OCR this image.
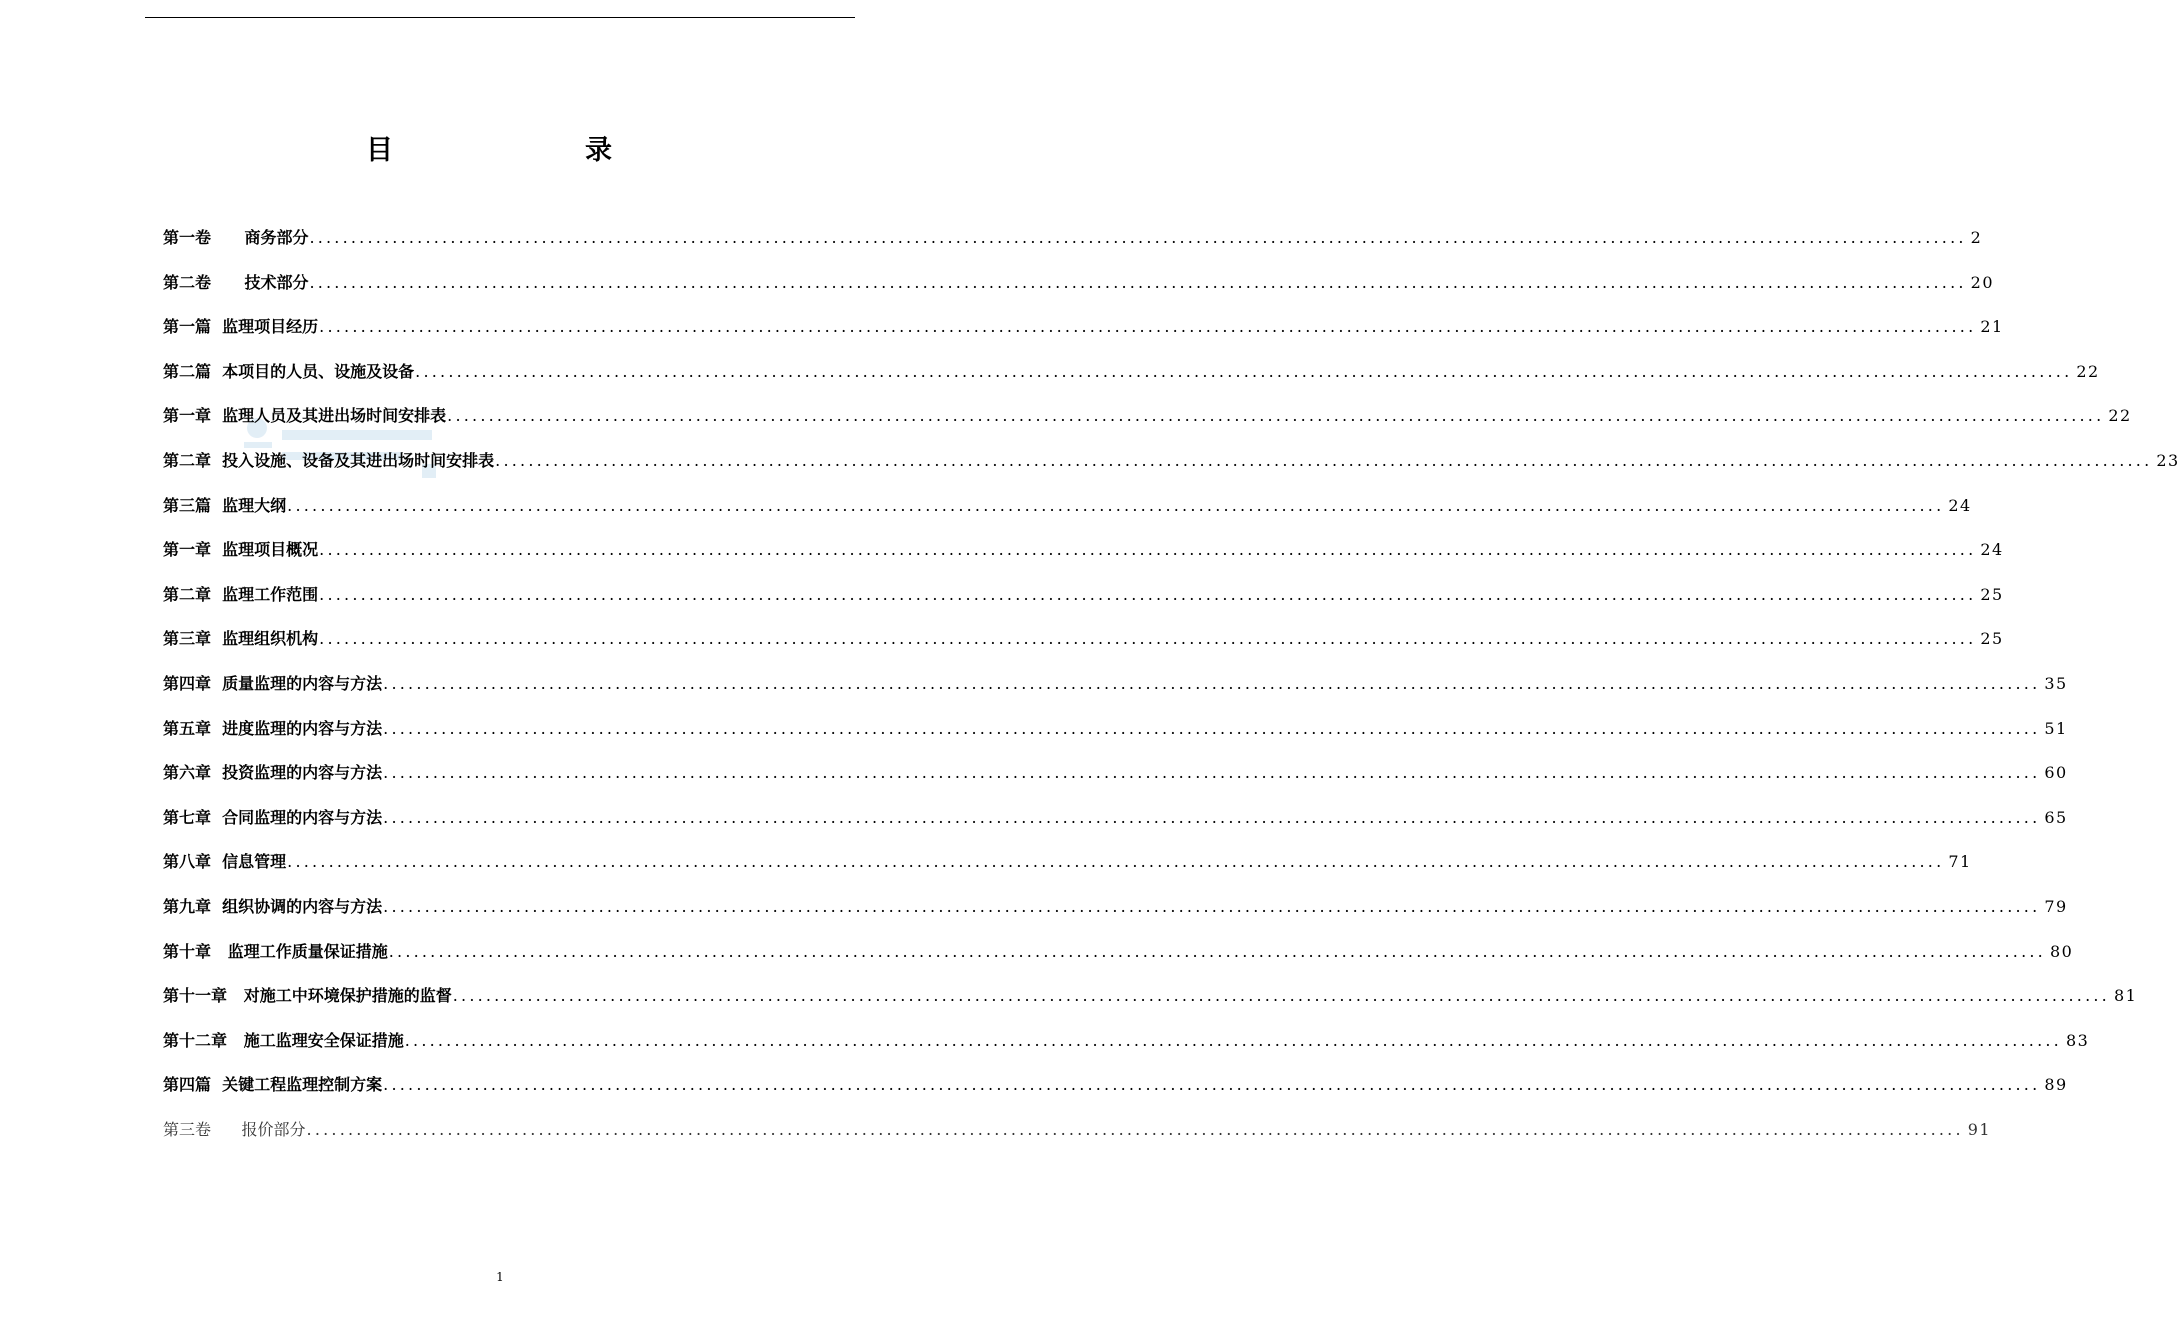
目　　录
第一卷
商务部分 ........................................................................................................................................................................................................ 2
第二卷
技术部分 ........................................................................................................................................................................................................ 20
第一篇
监理项目经历 ........................................................................................................................................................................................................ 21
第二篇
本项目的人员、设施及设备 ........................................................................................................................................................................................................ 22
第一章
监理人员及其进出场时间安排表 ........................................................................................................................................................................................................ 22
第二章
投入设施、设备及其进出场时间安排表 ........................................................................................................................................................................................................ 23
第三篇
监理大纲 ........................................................................................................................................................................................................ 24
第一章
监理项目概况 ........................................................................................................................................................................................................ 24
第二章
监理工作范围 ........................................................................................................................................................................................................ 25
第三章
监理组织机构 ........................................................................................................................................................................................................ 25
第四章
质量监理的内容与方法 ........................................................................................................................................................................................................ 35
第五章
进度监理的内容与方法 ........................................................................................................................................................................................................ 51
第六章
投资监理的内容与方法 ........................................................................................................................................................................................................ 60
第七章
合同监理的内容与方法 ........................................................................................................................................................................................................ 65
第八章
信息管理 ........................................................................................................................................................................................................ 71
第九章
组织协调的内容与方法 ........................................................................................................................................................................................................ 79
第十章
监理工作质量保证措施 ........................................................................................................................................................................................................ 80
第十一章
对施工中环境保护措施的监督 ........................................................................................................................................................................................................ 81
第十二章
施工监理安全保证措施 ........................................................................................................................................................................................................ 83
第四篇
关键工程监理控制方案 ........................................................................................................................................................................................................ 89
第三卷
报价部分 ........................................................................................................................................................................................................ 91
1
